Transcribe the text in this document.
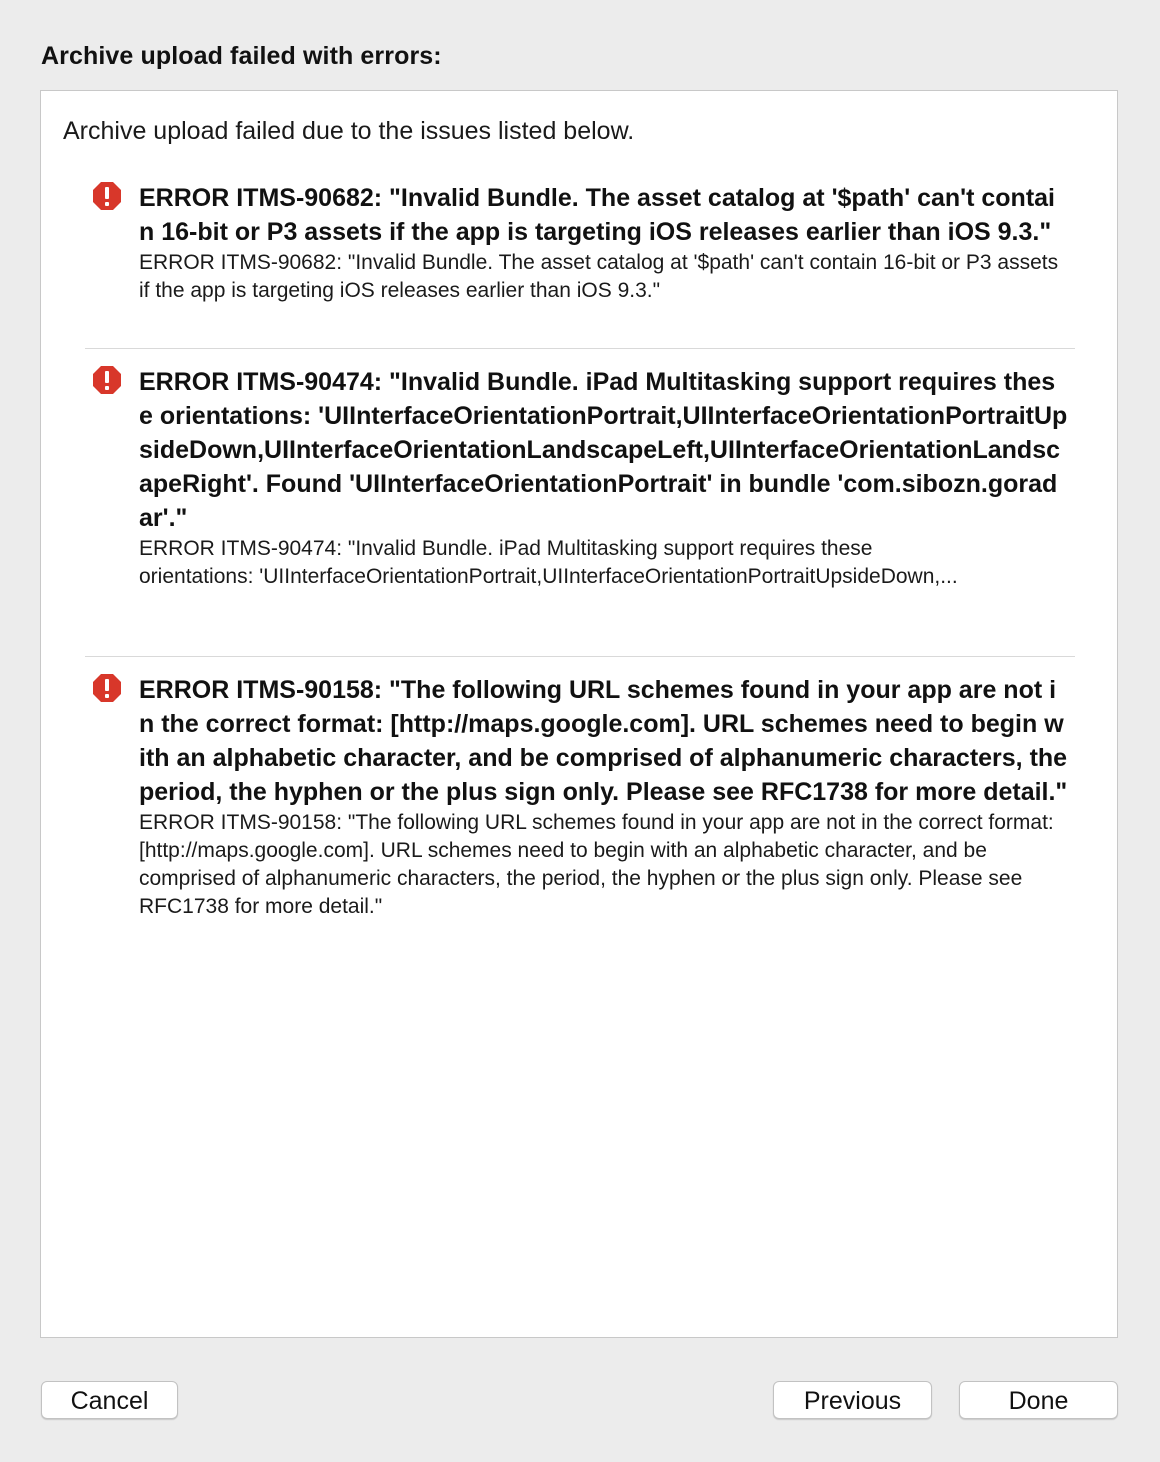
Archive upload failed with errors:
Archive upload failed due to the issues listed below.

ERROR ITMS-90682: "Invalid Bundle. The asset catalog at '$path' can't contain 16-bit or P3 assets if the app is targeting iOS releases earlier than iOS 9.3."

ERROR ITMS-90682: "Invalid Bundle. The asset catalog at '$path' can't contain 16-bit or P3 assets if the app is targeting iOS releases earlier than iOS 9.3."

ERROR ITMS-90474: "Invalid Bundle. iPad Multitasking support requires these orientations: 'UIInterfaceOrientationPortrait,UIInterfaceOrientationPortraitUpsideDown,UIInterfaceOrientationLandscapeLeft,UIInterfaceOrientationLandscapeRight'. Found 'UIInterfaceOrientationPortrait' in bundle 'com.sibozn.goradar'."

ERROR ITMS-90474: "Invalid Bundle. iPad Multitasking support requires these

orientations: 'UIInterfaceOrientationPortrait,UIInterfaceOrientationPortraitUpsideDown,...

ERROR ITMS-90158: "The following URL schemes found in your app are not in the correct format: [http://maps.google.com]. URL schemes need to begin with an alphabetic character, and be comprised of alphanumeric characters, the period, the hyphen or the plus sign only. Please see RFC1738 for more detail."

ERROR ITMS-90158: "The following URL schemes found in your app are not in the correct format: [http://maps.google.com]. URL schemes need to begin with an alphabetic character, and be comprised of alphanumeric characters, the period, the hyphen or the plus sign only. Please see RFC1738 for more detail."

Cancel	Previous	Done
